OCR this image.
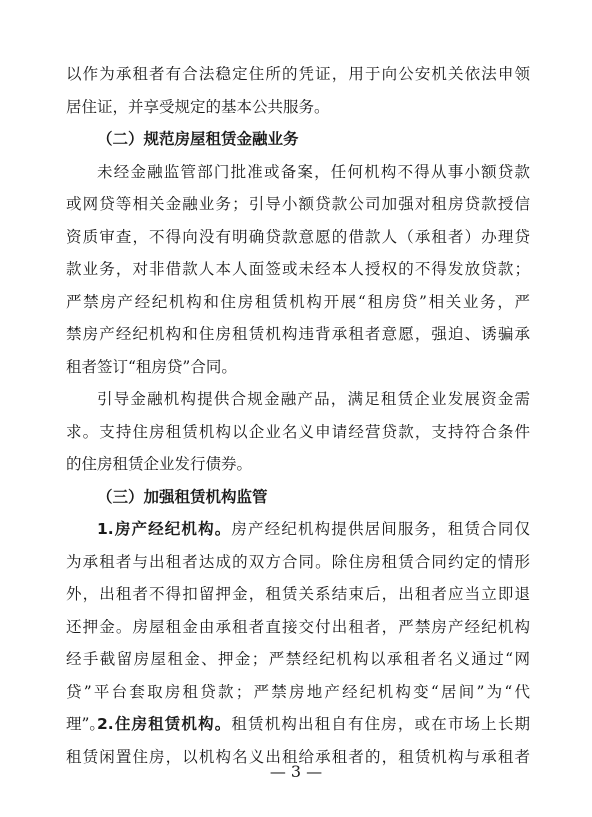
以作为承租者有合法稳定住所的凭证，用于向公安机关依法申领
居住证，并享受规定的基本公共服务。
（二）规范房屋租赁金融业务
未经金融监管部门批准或备案，任何机构不得从事小额贷款
或网贷等相关金融业务；引导小额贷款公司加强对租房贷款授信
资质审查，不得向没有明确贷款意愿的借款人（承租者）办理贷
款业务，对非借款人本人面签或未经本人授权的不得发放贷款；
严禁房产经纪机构和住房租赁机构开展“租房贷”相关业务，严
禁房产经纪机构和住房租赁机构违背承租者意愿，强迫、诱骗承
租者签订“租房贷”合同。
引导金融机构提供合规金融产品，满足租赁企业发展资金需
求。支持住房租赁机构以企业名义申请经营贷款，支持符合条件
的住房租赁企业发行债券。
（三）加强租赁机构监管
1.房产经纪机构。房产经纪机构提供居间服务，租赁合同仅
为承租者与出租者达成的双方合同。除住房租赁合同约定的情形
外，出租者不得扣留押金，租赁关系结束后，出租者应当立即退
还押金。房屋租金由承租者直接交付出租者，严禁房产经纪机构
经手截留房屋租金、押金；严禁经纪机构以承租者名义通过“网
贷”平台套取房租贷款；严禁房地产经纪机构变“居间”为“代
理”。
2.住房租赁机构。租赁机构出租自有住房，或在市场上长期
租赁闲置住房，以机构名义出租给承租者的，租赁机构与承租者
— 3 —
